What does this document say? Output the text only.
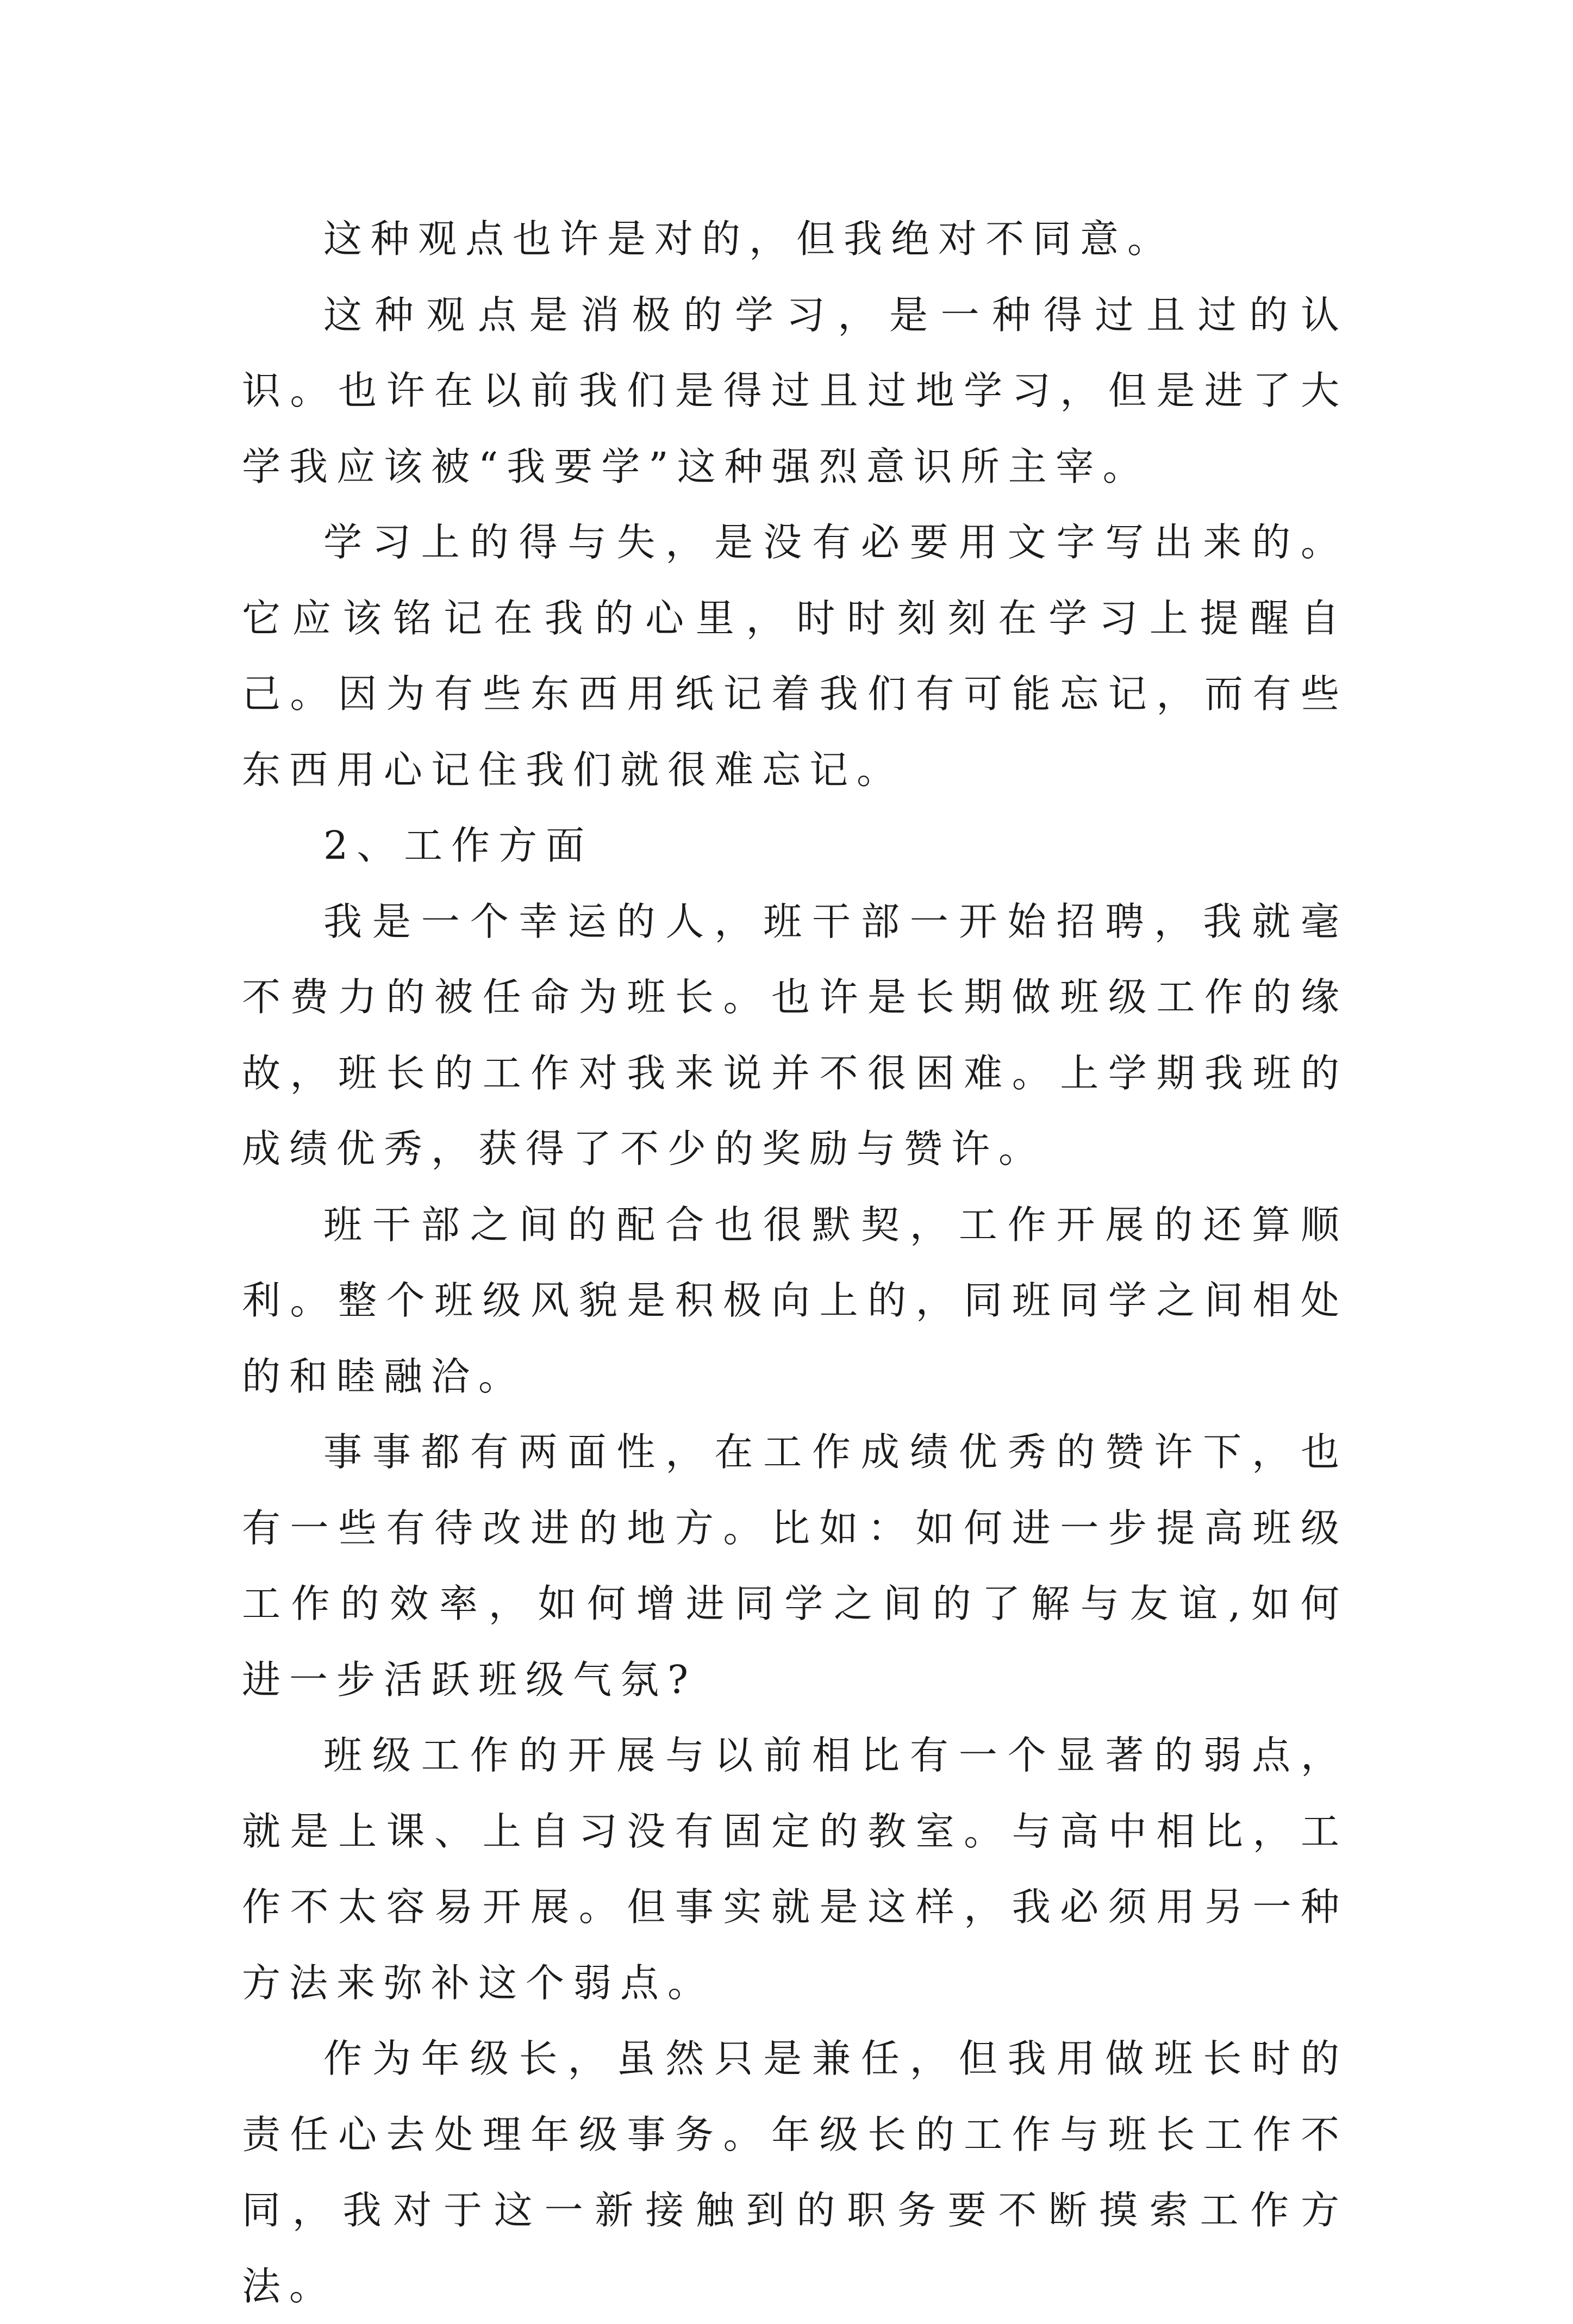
这种观点也许是对的，但我绝对不同意。

这种观点是消极的学习，是一种得过且过的认识。也许在以前我们是得过且过地学习，但是进了大学我应该被“我要学”这种强烈意识所主宰。

学习上的得与失，是没有必要用文字写出来的。它应该铭记在我的心里，时时刻刻在学习上提醒自己。因为有些东西用纸记着我们有可能忘记，而有些东西用心记住我们就很难忘记。

2、工作方面

我是一个幸运的人，班干部一开始招聘，我就毫不费力的被任命为班长。也许是长期做班级工作的缘故，班长的工作对我来说并不很困难。上学期我班的成绩优秀，获得了不少的奖励与赞许。

班干部之间的配合也很默契，工作开展的还算顺利。整个班级风貌是积极向上的，同班同学之间相处的和睦融洽。

事事都有两面性，在工作成绩优秀的赞许下，也有一些有待改进的地方。比如：如何进一步提高班级工作的效率，如何增进同学之间的了解与友谊,如何进一步活跃班级气氛?

班级工作的开展与以前相比有一个显著的弱点，就是上课、上自习没有固定的教室。与高中相比，工作不太容易开展。但事实就是这样，我必须用另一种方法来弥补这个弱点。

作为年级长，虽然只是兼任，但我用做班长时的责任心去处理年级事务。年级长的工作与班长工作不同，我对于这一新接触到的职务要不断摸索工作方法。
